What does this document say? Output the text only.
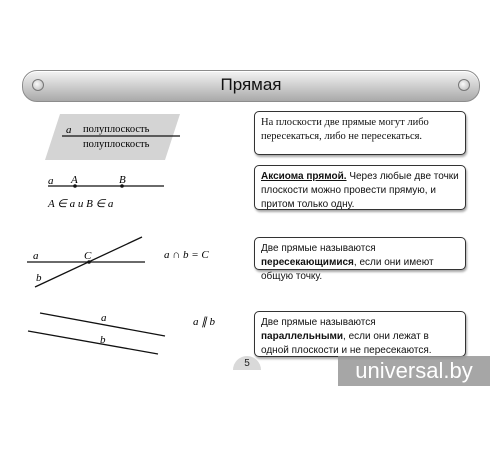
Прямая
a полуплоскость
полуплоскость
a A	B
A ∈ a и B ∈ a
a
b
C	a ∩ b = C
a
b
a ∥ b
На плоскости две прямые могут либо пересекаться, либо не пересекаться.
Аксиома прямой. Через любые две точки плоскости можно провести прямую, и притом только одну.
Две прямые называются пересекающимися, если они имеют общую точку.
Две прямые называются параллельными, если они лежат в одной плоскости и не пересекаются.
5	universal.by
